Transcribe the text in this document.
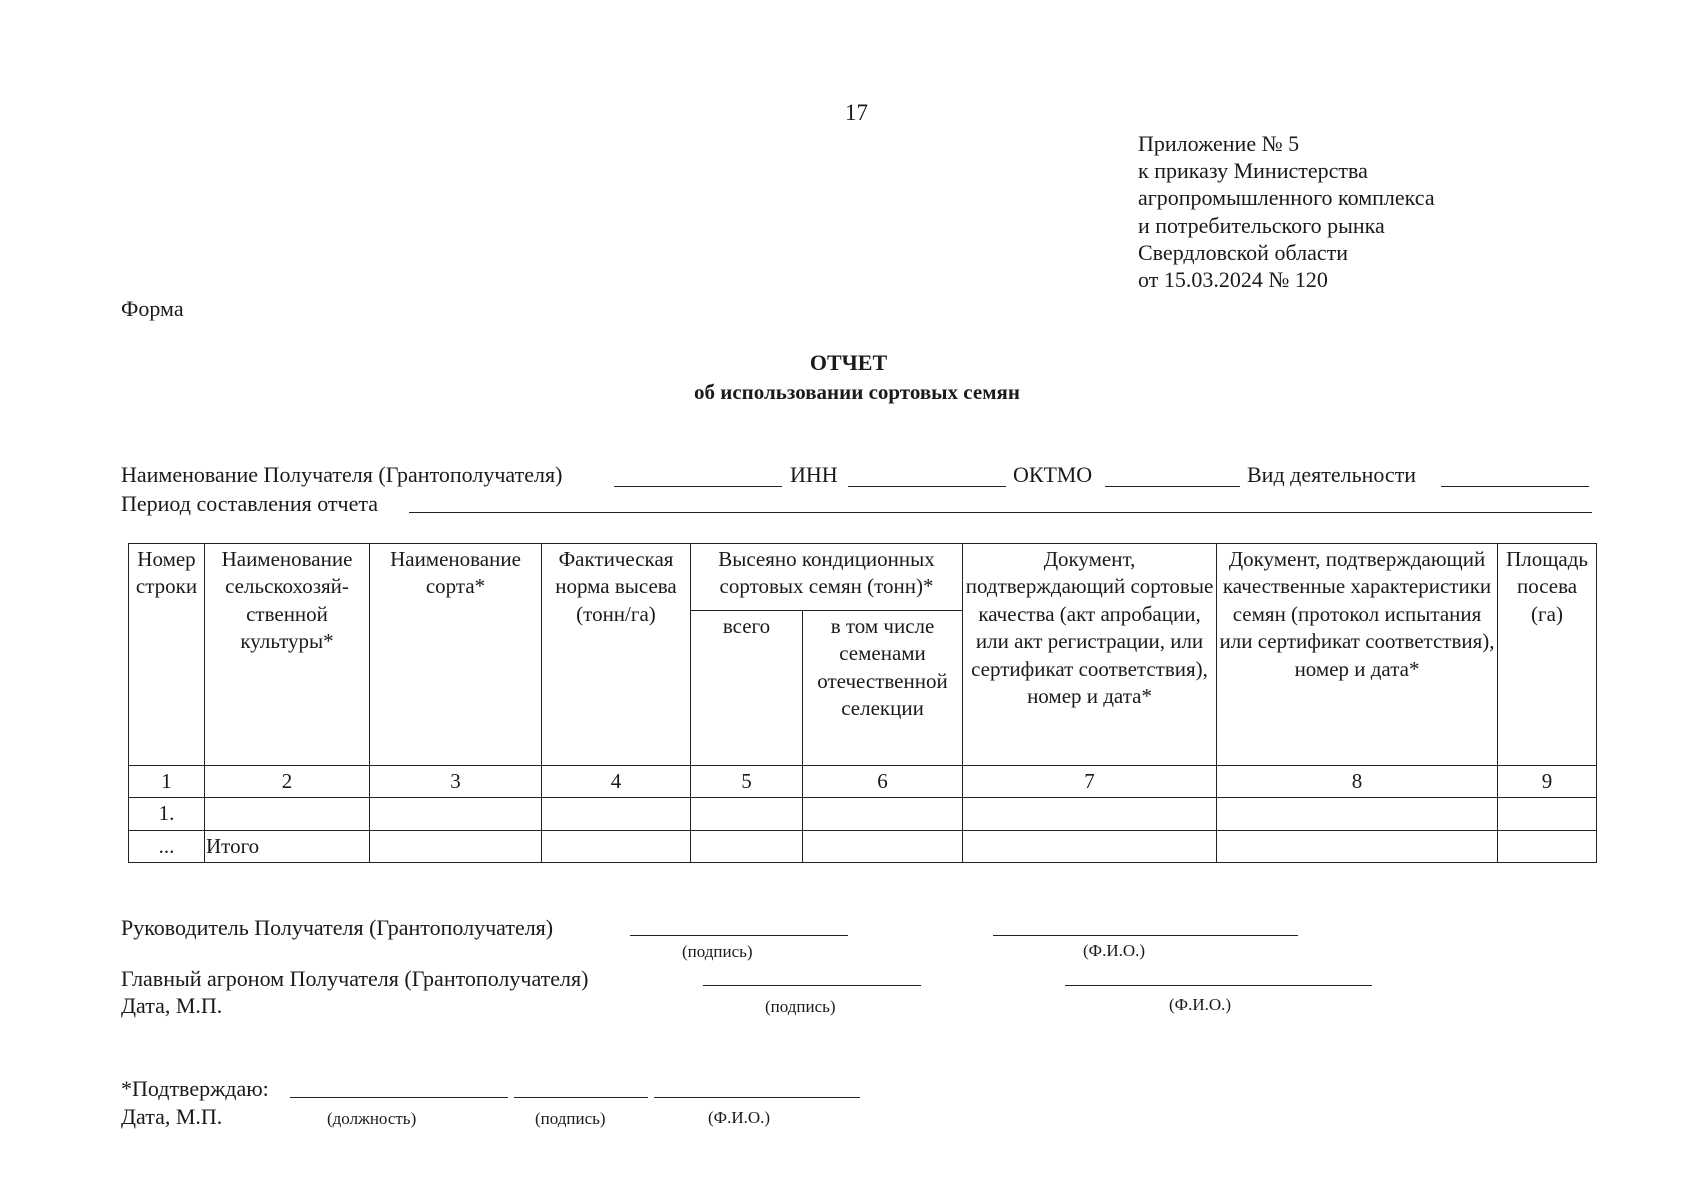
17
Приложение № 5
к приказу Министерства
агропромышленного комплекса
и потребительского рынка
Свердловской области
от 15.03.2024 № 120
Форма
ОТЧЕТ
об использовании сортовых семян
Наименование Получателя (Грантополучателя)	ИНН	ОКТМО	Вид деятельности
Период составления отчета
Номер строки	Наименование сельскохозяй-ственной культуры*	Наименование сорта*	Фактическая норма высева (тонн/га)	Высеяно кондиционных сортовых семян (тонн)*		Документ, подтверждающий сортовые качества (акт апробации, или акт регистрации, или сертификат соответствия), номер и дата*	Документ, подтверждающий качественные характеристики семян (протокол испытания или сертификат соответствия), номер и дата*	Площадь посева (га)
				всего	в том числе семенами отечественной селекции			
1	2	3	4	5	6	7	8	9
1.								
...	Итого							
Руководитель Получателя (Грантополучателя)
(подпись)	(Ф.И.О.)
Главный агроном Получателя (Грантополучателя)
Дата, М.П.	(подпись)	(Ф.И.О.)
*Подтверждаю:
Дата, М.П.	(должность)	(подпись)	(Ф.И.О.)
